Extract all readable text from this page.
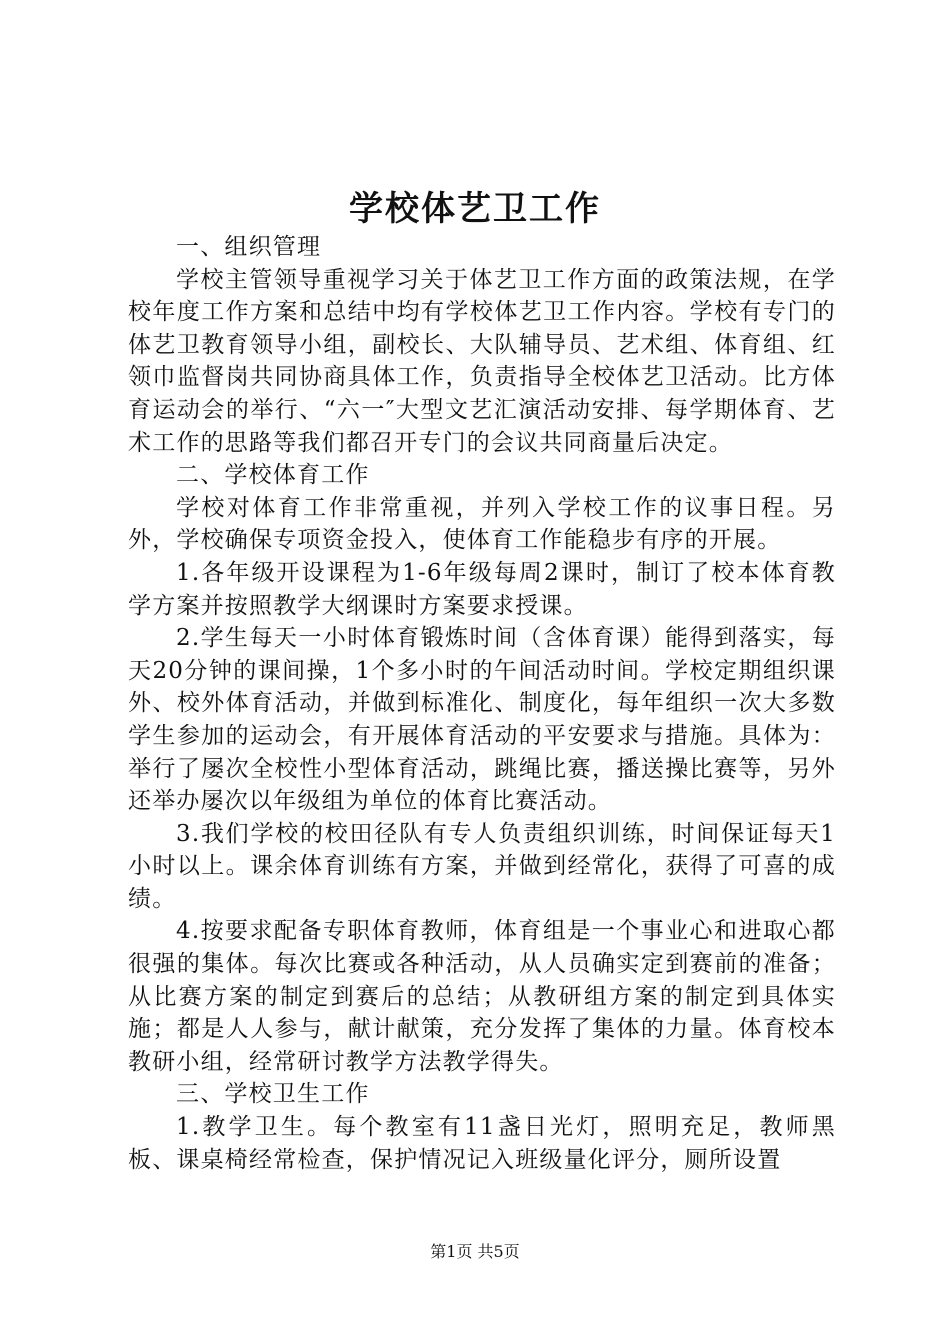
学校体艺卫工作

一、组织管理

学校主管领导重视学习关于体艺卫工作方面的政策法规，在学校年度工作方案和总结中均有学校体艺卫工作内容。学校有专门的体艺卫教育领导小组，副校长、大队辅导员、艺术组、体育组、红领巾监督岗共同协商具体工作，负责指导全校体艺卫活动。比方体育运动会的举行、“六一″大型文艺汇演活动安排、每学期体育、艺术工作的思路等我们都召开专门的会议共同商量后决定。

二、学校体育工作

学校对体育工作非常重视，并列入学校工作的议事日程。另外，学校确保专项资金投入，使体育工作能稳步有序的开展。

1.各年级开设课程为1-6年级每周2课时，制订了校本体育教学方案并按照教学大纲课时方案要求授课。

2.学生每天一小时体育锻炼时间（含体育课）能得到落实，每天20分钟的课间操，1个多小时的午间活动时间。学校定期组织课外、校外体育活动，并做到标准化、制度化，每年组织一次大多数学生参加的运动会，有开展体育活动的平安要求与措施。具体为：举行了屡次全校性小型体育活动，跳绳比赛，播送操比赛等，另外还举办屡次以年级组为单位的体育比赛活动。

3.我们学校的校田径队有专人负责组织训练，时间保证每天1小时以上。课余体育训练有方案，并做到经常化，获得了可喜的成绩。

4.按要求配备专职体育教师，体育组是一个事业心和进取心都很强的集体。每次比赛或各种活动，从人员确实定到赛前的准备；从比赛方案的制定到赛后的总结；从教研组方案的制定到具体实施；都是人人参与，献计献策，充分发挥了集体的力量。体育校本教研小组，经常研讨教学方法教学得失。

三、学校卫生工作

1.教学卫生。每个教室有11盏日光灯，照明充足，教师黑板、课桌椅经常检查，保护情况记入班级量化评分，厕所设置

第1页 共5页
